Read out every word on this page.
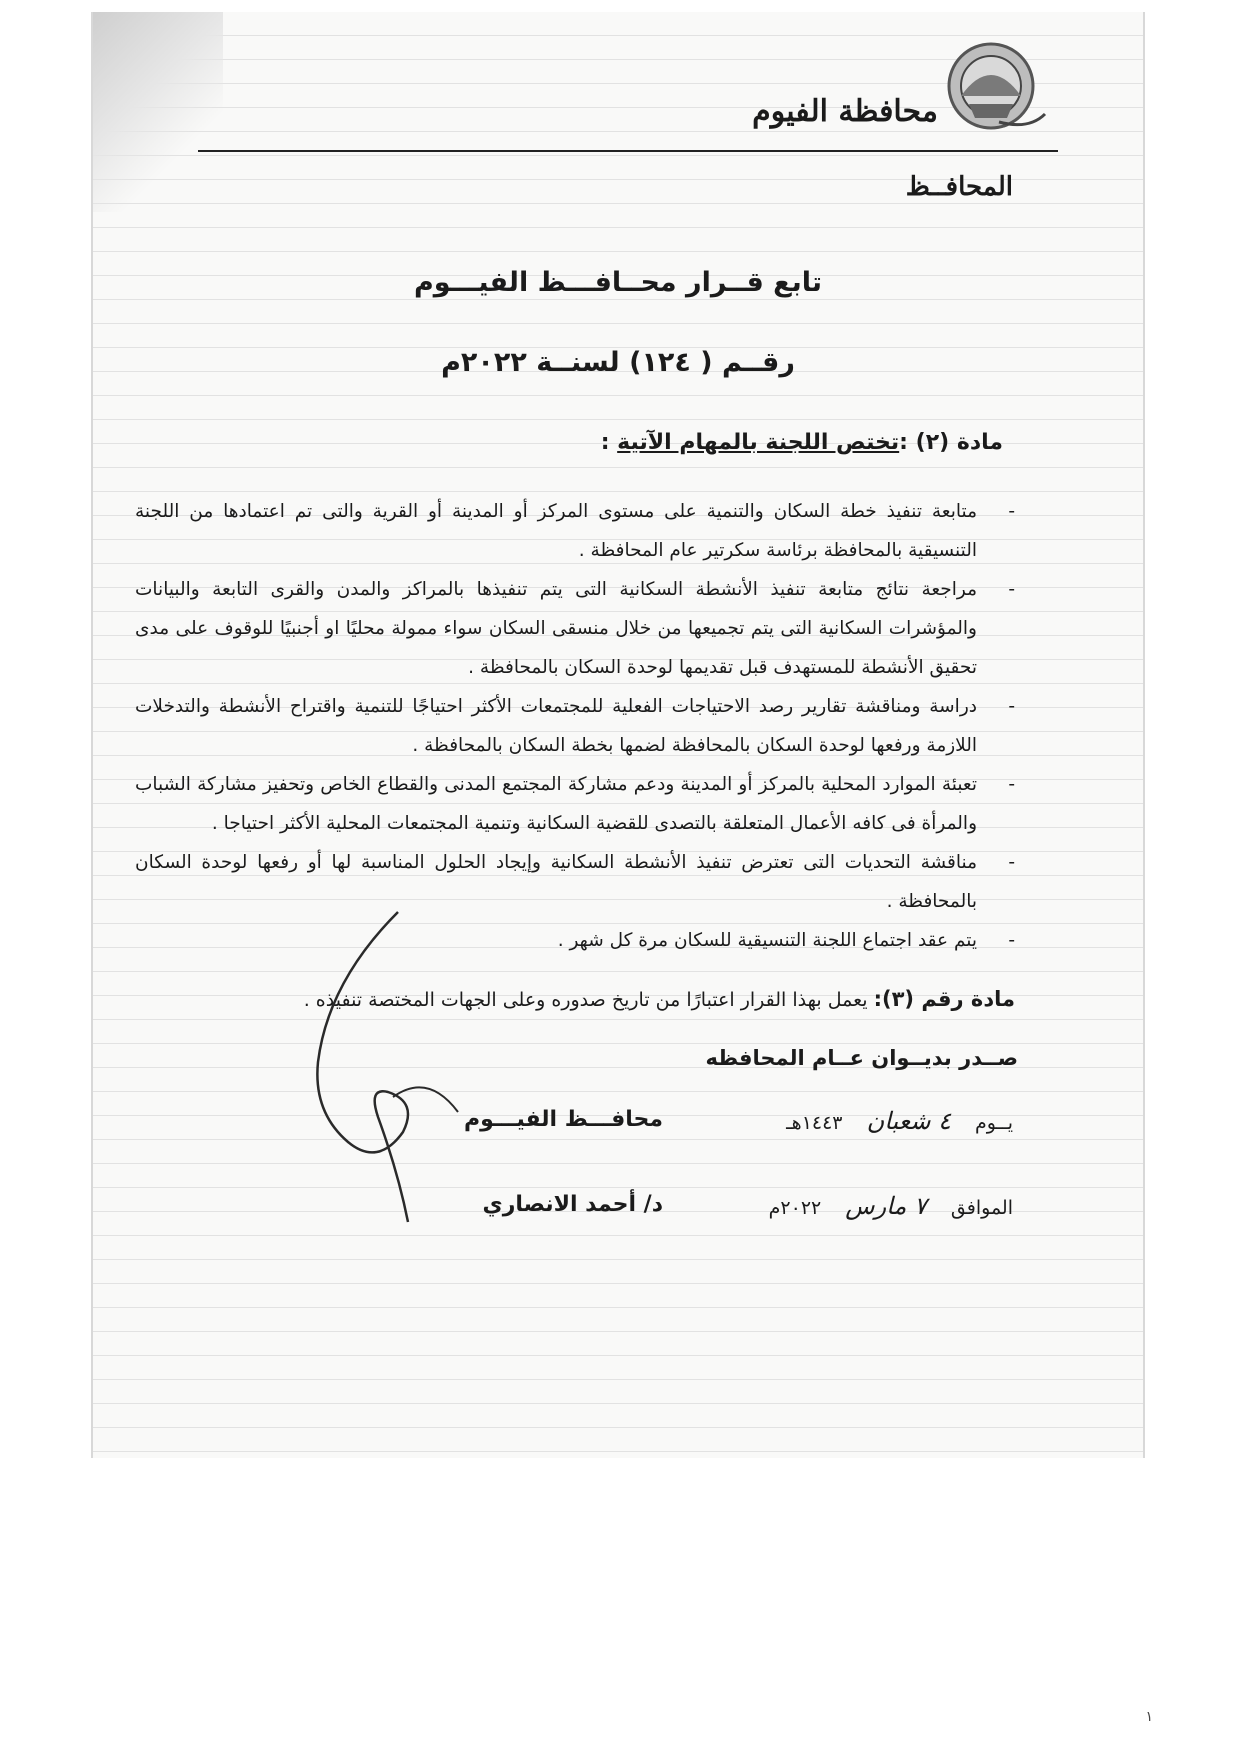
محافظة الفيوم
المحافــظ
تابع قــرار محــافـــظ الفيـــوم
رقــم ( ١٢٤) لسنــة ٢٠٢٢م
مادة (٢) :تختص اللجنة بالمهام الآتية :
-
متابعة تنفيذ خطة السكان والتنمية على مستوى المركز أو المدينة أو القرية والتى تم اعتمادها من اللجنة التنسيقية بالمحافظة برئاسة سكرتير عام المحافظة .
-
مراجعة نتائج متابعة تنفيذ الأنشطة السكانية التى يتم تنفيذها بالمراكز والمدن والقرى التابعة والبيانات والمؤشرات السكانية التى يتم تجميعها من خلال منسقى السكان سواء ممولة محليًا او أجنبيًا للوقوف على مدى تحقيق الأنشطة للمستهدف قبل تقديمها لوحدة السكان بالمحافظة .
-
دراسة ومناقشة تقارير رصد الاحتياجات الفعلية للمجتمعات الأكثر احتياجًا للتنمية واقتراح الأنشطة والتدخلات اللازمة ورفعها لوحدة السكان بالمحافظة لضمها بخطة السكان بالمحافظة .
-
تعبئة الموارد المحلية بالمركز أو المدينة ودعم مشاركة المجتمع المدنى والقطاع الخاص وتحفيز مشاركة الشباب والمرأة فى كافه الأعمال المتعلقة بالتصدى للقضية السكانية وتنمية المجتمعات المحلية الأكثر احتياجا .
-
مناقشة التحديات التى تعترض تنفيذ الأنشطة السكانية وإيجاد الحلول المناسبة لها أو رفعها لوحدة السكان بالمحافظة .
-
يتم عقد اجتماع اللجنة التنسيقية للسكان مرة كل شهر .
مادة رقم (٣): يعمل بهذا القرار اعتبارًا من تاريخ صدوره وعلى الجهات المختصة تنفيذه .
صــدر بديــوان عــام المحافظه
يــوم ٤ شعبان ١٤٤٣هـ
الموافق ٧ مارس ٢٠٢٢م
محافـــظ الفيـــوم
د/ أحمد الانصاري
١
